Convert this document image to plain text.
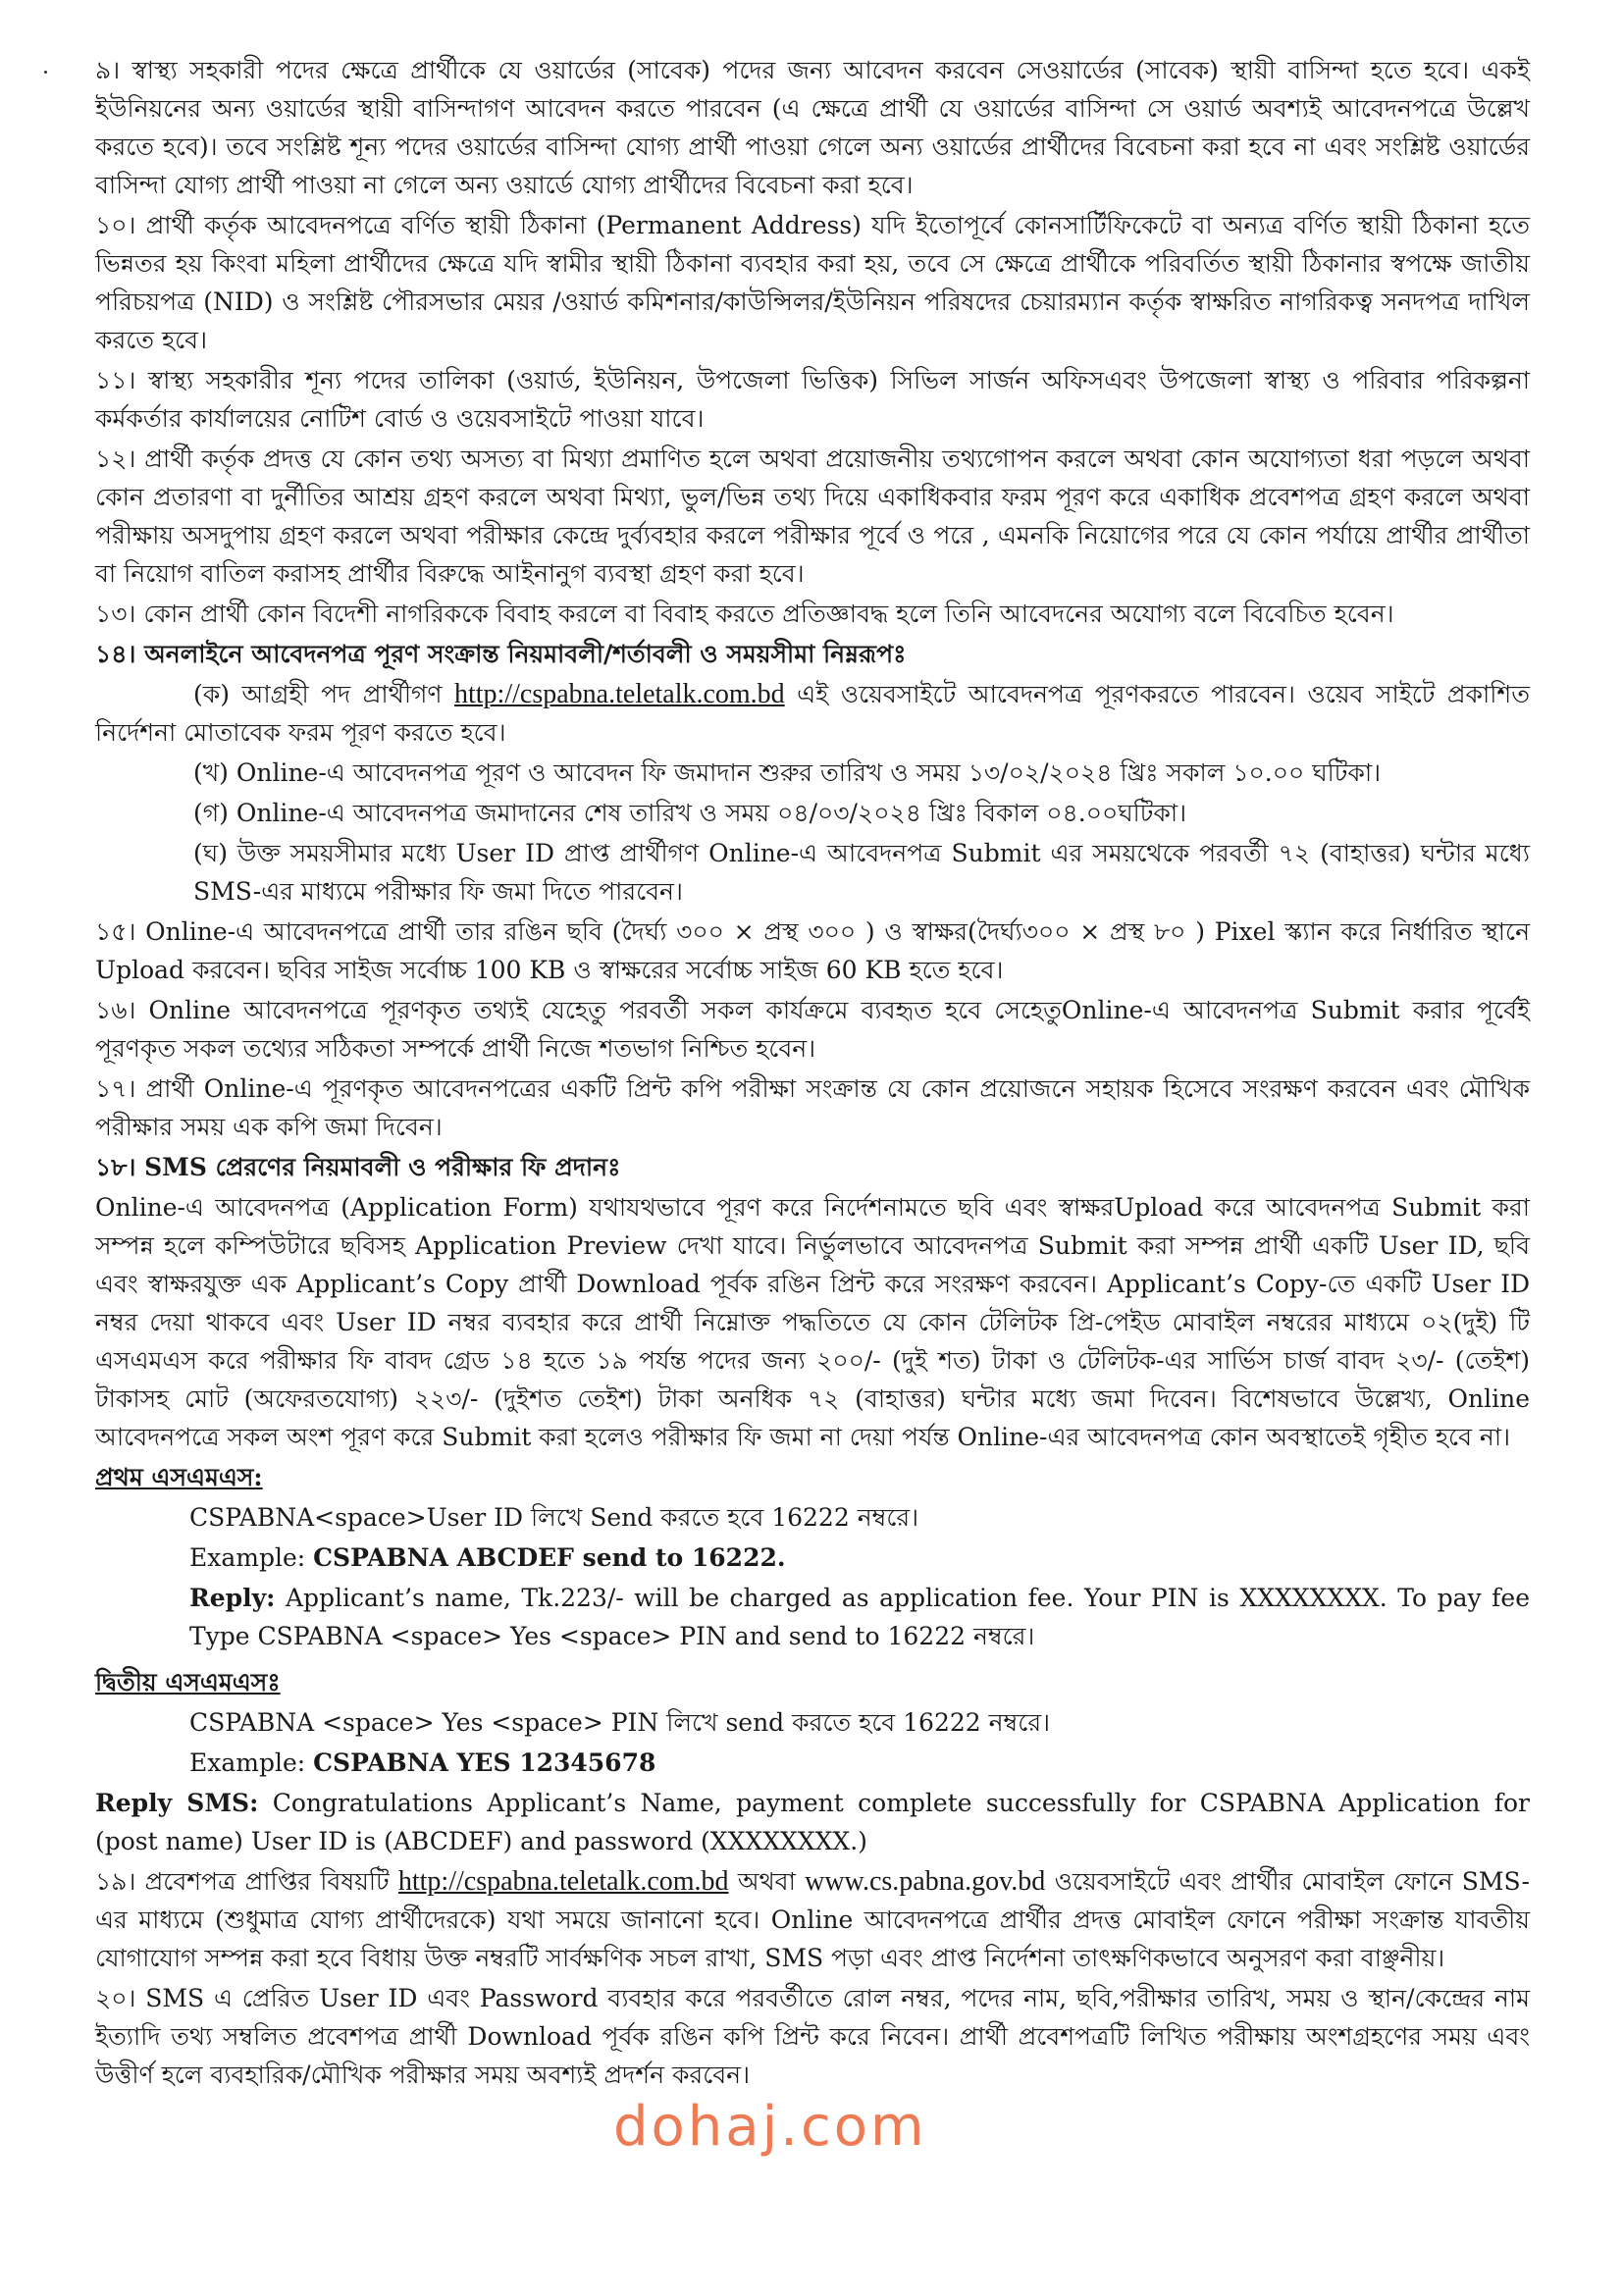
৯। স্বাস্থ্য সহকারী পদের ক্ষেত্রে প্রার্থীকে যে ওয়ার্ডের (সাবেক) পদের জন্য আবেদন করবেন সেওয়ার্ডের (সাবেক) স্থায়ী বাসিন্দা হতে হবে। একই ইউনিয়নের অন্য ওয়ার্ডের স্থায়ী বাসিন্দাগণ আবেদন করতে পারবেন (এ ক্ষেত্রে প্রার্থী যে ওয়ার্ডের বাসিন্দা সে ওয়ার্ড অবশ্যই আবেদনপত্রে উল্লেখ করতে হবে)। তবে সংশ্লিষ্ট শূন্য পদের ওয়ার্ডের বাসিন্দা যোগ্য প্রার্থী পাওয়া গেলে অন্য ওয়ার্ডের প্রার্থীদের বিবেচনা করা হবে না এবং সংশ্লিষ্ট ওয়ার্ডের বাসিন্দা যোগ্য প্রার্থী পাওয়া না গেলে অন্য ওয়ার্ডে যোগ্য প্রার্থীদের বিবেচনা করা হবে।

১০। প্রার্থী কর্তৃক আবেদনপত্রে বর্ণিত স্থায়ী ঠিকানা (Permanent Address) যদি ইতোপূর্বে কোনসার্টিফিকেটে বা অন্যত্র বর্ণিত স্থায়ী ঠিকানা হতে ভিন্নতর হয় কিংবা মহিলা প্রার্থীদের ক্ষেত্রে যদি স্বামীর স্থায়ী ঠিকানা ব্যবহার করা হয়, তবে সে ক্ষেত্রে প্রার্থীকে পরিবর্তিত স্থায়ী ঠিকানার স্বপক্ষে জাতীয় পরিচয়পত্র (NID) ও সংশ্লিষ্ট পৌরসভার মেয়র /ওয়ার্ড কমিশনার/কাউন্সিলর/ইউনিয়ন পরিষদের চেয়ারম্যান কর্তৃক স্বাক্ষরিত নাগরিকত্ব সনদপত্র দাখিল করতে হবে।

১১। স্বাস্থ্য সহকারীর শূন্য পদের তালিকা (ওয়ার্ড, ইউনিয়ন, উপজেলা ভিত্তিক) সিভিল সার্জন অফিসএবং উপজেলা স্বাস্থ্য ও পরিবার পরিকল্পনা কর্মকর্তার কার্যালয়ের নোটিশ বোর্ড ও ওয়েবসাইটে পাওয়া যাবে।

১২। প্রার্থী কর্তৃক প্রদত্ত যে কোন তথ্য অসত্য বা মিথ্যা প্রমাণিত হলে অথবা প্রয়োজনীয় তথ্যগোপন করলে অথবা কোন অযোগ্যতা ধরা পড়লে অথবা কোন প্রতারণা বা দুর্নীতির আশ্রয় গ্রহণ করলে অথবা মিথ্যা, ভুল/ভিন্ন তথ্য দিয়ে একাধিকবার ফরম পূরণ করে একাধিক প্রবেশপত্র গ্রহণ করলে অথবা পরীক্ষায় অসদুপায় গ্রহণ করলে অথবা পরীক্ষার কেন্দ্রে দুর্ব্যবহার করলে পরীক্ষার পূর্বে ও পরে , এমনকি নিয়োগের পরে যে কোন পর্যায়ে প্রার্থীর প্রার্থীতা বা নিয়োগ বাতিল করাসহ প্রার্থীর বিরুদ্ধে আইনানুগ ব্যবস্থা গ্রহণ করা হবে।

১৩। কোন প্রার্থী কোন বিদেশী নাগরিককে বিবাহ করলে বা বিবাহ করতে প্রতিজ্ঞাবদ্ধ হলে তিনি আবেদনের অযোগ্য বলে বিবেচিত হবেন।

১৪। অনলাইনে আবেদনপত্র পূরণ সংক্রান্ত নিয়মাবলী/শর্তাবলী ও সময়সীমা নিম্নরূপঃ

(ক) আগ্রহী পদ প্রার্থীগণ http://cspabna.teletalk.com.bd এই ওয়েবসাইটে আবেদনপত্র পূরণকরতে পারবেন। ওয়েব সাইটে প্রকাশিত নির্দেশনা মোতাবেক ফরম পূরণ করতে হবে।

(খ) Online-এ আবেদনপত্র পূরণ ও আবেদন ফি জমাদান শুরুর তারিখ ও সময় ১৩/০২/২০২৪ খ্রিঃ সকাল ১০.০০ ঘটিকা।

(গ) Online-এ আবেদনপত্র জমাদানের শেষ তারিখ ও সময় ০৪/০৩/২০২৪ খ্রিঃ বিকাল ০৪.০০ঘটিকা।

(ঘ) উক্ত সময়সীমার মধ্যে User ID প্রাপ্ত প্রার্থীগণ Online-এ আবেদনপত্র Submit এর সময়থেকে পরবর্তী ৭২ (বাহাত্তর) ঘন্টার মধ্যে SMS-এর মাধ্যমে পরীক্ষার ফি জমা দিতে পারবেন।

১৫। Online-এ আবেদনপত্রে প্রার্থী তার রঙিন ছবি (দৈর্ঘ্য ৩০০ × প্রস্থ ৩০০ ) ও স্বাক্ষর(দৈর্ঘ্য৩০০ × প্রস্থ ৮০ ) Pixel স্ক্যান করে নির্ধারিত স্থানে Upload করবেন। ছবির সাইজ সর্বোচ্চ 100 KB ও স্বাক্ষরের সর্বোচ্চ সাইজ 60 KB হতে হবে।

১৬। Online আবেদনপত্রে পূরণকৃত তথ্যই যেহেতু পরবর্তী সকল কার্যক্রমে ব্যবহৃত হবে সেহেতুOnline-এ আবেদনপত্র Submit করার পূর্বেই পূরণকৃত সকল তথ্যের সঠিকতা সম্পর্কে প্রার্থী নিজে শতভাগ নিশ্চিত হবেন।

১৭। প্রার্থী Online-এ পূরণকৃত আবেদনপত্রের একটি প্রিন্ট কপি পরীক্ষা সংক্রান্ত যে কোন প্রয়োজনে সহায়ক হিসেবে সংরক্ষণ করবেন এবং মৌখিক পরীক্ষার সময় এক কপি জমা দিবেন।

১৮। SMS প্রেরণের নিয়মাবলী ও পরীক্ষার ফি প্রদানঃ

Online-এ আবেদনপত্র (Application Form) যথাযথভাবে পূরণ করে নির্দেশনামতে ছবি এবং স্বাক্ষরUpload করে আবেদনপত্র Submit করা সম্পন্ন হলে কম্পিউটারে ছবিসহ Application Preview দেখা যাবে। নির্ভুলভাবে আবেদনপত্র Submit করা সম্পন্ন প্রার্থী একটি User ID, ছবি এবং স্বাক্ষরযুক্ত এক Applicant’s Copy প্রার্থী Download পূর্বক রঙিন প্রিন্ট করে সংরক্ষণ করবেন। Applicant’s Copy-তে একটি User ID নম্বর দেয়া থাকবে এবং User ID নম্বর ব্যবহার করে প্রার্থী নিম্নোক্ত পদ্ধতিতে যে কোন টেলিটক প্রি-পেইড মোবাইল নম্বরের মাধ্যমে ০২(দুই) টি এসএমএস করে পরীক্ষার ফি বাবদ গ্রেড ১৪ হতে ১৯ পর্যন্ত পদের জন্য ২০০/- (দুই শত) টাকা ও টেলিটক-এর সার্ভিস চার্জ বাবদ ২৩/- (তেইশ) টাকাসহ মোট (অফেরতযোগ্য) ২২৩/- (দুইশত তেইশ) টাকা অনধিক ৭২ (বাহাত্তর) ঘন্টার মধ্যে জমা দিবেন। বিশেষভাবে উল্লেখ্য, Online আবেদনপত্রে সকল অংশ পূরণ করে Submit করা হলেও পরীক্ষার ফি জমা না দেয়া পর্যন্ত Online-এর আবেদনপত্র কোন অবস্থাতেই গৃহীত হবে না।

প্রথম এসএমএস:

CSPABNA<space>User ID লিখে Send করতে হবে 16222 নম্বরে।

Example: CSPABNA ABCDEF send to 16222.

Reply: Applicant’s name, Tk.223/- will be charged as application fee. Your PIN is XXXXXXXX. To pay fee Type CSPABNA <space> Yes <space> PIN and send to 16222 নম্বরে।

দ্বিতীয় এসএমএসঃ

CSPABNA <space> Yes <space> PIN লিখে send করতে হবে 16222 নম্বরে।

Example: CSPABNA YES 12345678

Reply SMS: Congratulations Applicant’s Name, payment complete successfully for CSPABNA Application for (post name) User ID is (ABCDEF) and password (XXXXXXXX.)

১৯। প্রবেশপত্র প্রাপ্তির বিষয়টি http://cspabna.teletalk.com.bd অথবা www.cs.pabna.gov.bd ওয়েবসাইটে এবং প্রার্থীর মোবাইল ফোনে SMS-এর মাধ্যমে (শুধুমাত্র যোগ্য প্রার্থীদেরকে) যথা সময়ে জানানো হবে। Online আবেদনপত্রে প্রার্থীর প্রদত্ত মোবাইল ফোনে পরীক্ষা সংক্রান্ত যাবতীয় যোগাযোগ সম্পন্ন করা হবে বিধায় উক্ত নম্বরটি সার্বক্ষণিক সচল রাখা, SMS পড়া এবং প্রাপ্ত নির্দেশনা তাৎক্ষণিকভাবে অনুসরণ করা বাঞ্ছনীয়।

২০। SMS এ প্রেরিত User ID এবং Password ব্যবহার করে পরবর্তীতে রোল নম্বর, পদের নাম, ছবি,পরীক্ষার তারিখ, সময় ও স্থান/কেন্দ্রের নাম ইত্যাদি তথ্য সম্বলিত প্রবেশপত্র প্রার্থী Download পূর্বক রঙিন কপি প্রিন্ট করে নিবেন। প্রার্থী প্রবেশপত্রটি লিখিত পরীক্ষায় অংশগ্রহণের সময় এবং উত্তীর্ণ হলে ব্যবহারিক/মৌখিক পরীক্ষার সময় অবশ্যই প্রদর্শন করবেন।

dohaj.com
